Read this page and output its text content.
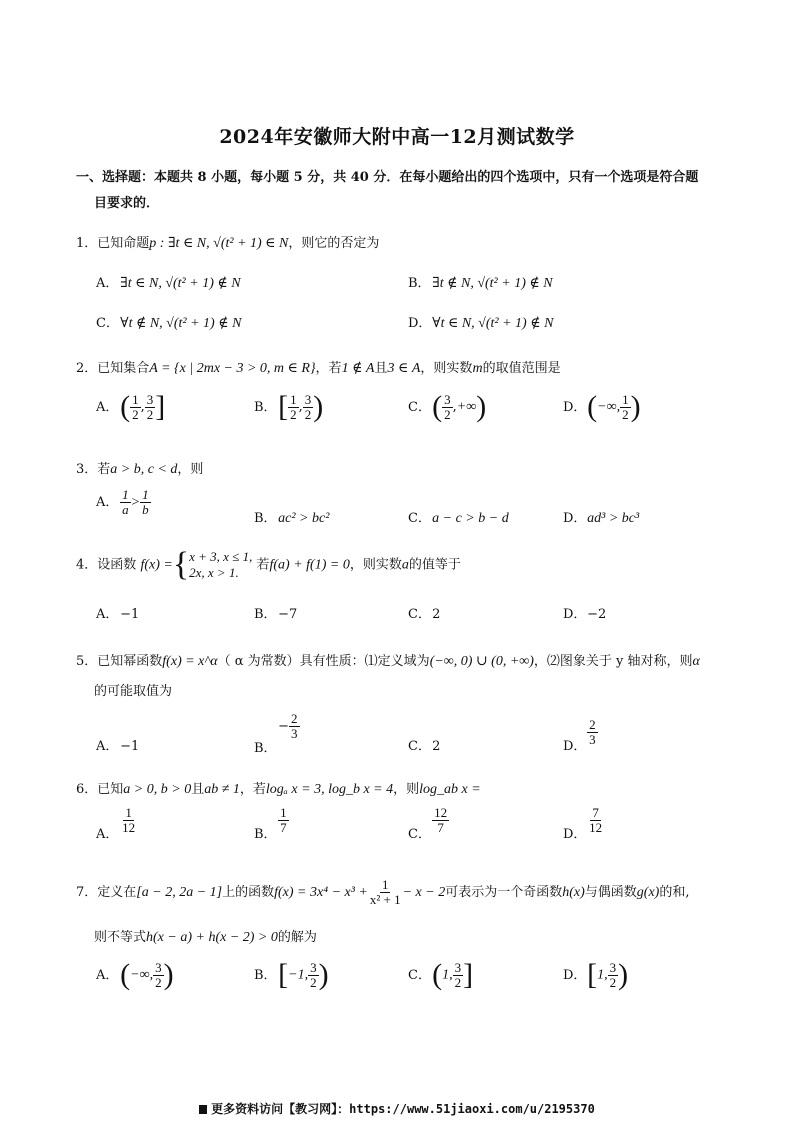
2024年安徽师大附中高一12月测试数学
一、选择题：本题共 8 小题，每小题 5 分，共 40 分．在每小题给出的四个选项中，只有一个选项是符合题
目要求的．
1．已知命题p : ∃t ∈ N, √(t² + 1) ∈ N，则它的否定为
A． ∃t ∈ N, √(t² + 1) ∉ N	B． ∃t ∉ N, √(t² + 1) ∉ N
C． ∀t ∉ N, √(t² + 1) ∉ N	D． ∀t ∈ N, √(t² + 1) ∉ N
2．已知集合A = {x | 2mx − 3 > 0, m ∈ R}，若1 ∉ A且3 ∈ A，则实数m的取值范围是
A． ( $\frac{1}{2}$ , $\frac{3}{2}$ ]	B． [ $\frac{1}{2}$ , $\frac{3}{2}$ )	C． ( $\frac{3}{2}$ ,+∞)	D． (−∞, $\frac{1}{2}$ )
3．若a > b, c < d，则
A． $\frac{1}{a} > \frac{1}{b}$
B． ac² > bc²	C． a − c > b − d	D． ad³ > bc³
4．设函数 f(x) ={ x + 3, x ≤ 1,
2x, x > 1.	若f(a) + f(1) = 0，则实数a的值等于
A． −1	B． −7	C． 2	D． −2
5．已知幂函数f(x) = x^α（ α 为常数）具有性质：⑴定义域为(−∞, 0) ∪ (0, +∞)，⑵图象关于 y 轴对称，则α
的可能取值为
A． −1	B． − $\frac{2}{3}$
C． 2	D． $\frac{2}{3}$
6．已知a > 0, b > 0且ab ≠ 1，若logₐ x = 3, log_b x = 4，则log_ab x =
A． $\frac{1}{12}$	B． $\frac{1}{7}$	C． $\frac{12}{7}$	D． $\frac{7}{12}$
7．定义在[a − 2, 2a − 1]上的函数$f(x) = 3x^4 - x^3 + \frac{1}{\text{x² + 1}} - x - 2$可表示为一个奇函数h(x)与偶函数g(x)的和,
则不等式h(x − a) + h(x − 2) > 0的解为
A． (−∞, $\frac{3}{2}$ )	B． [−1, $\frac{3}{2}$ )	C． (1, $\frac{3}{2}$ ]	D． [1, $\frac{3}{2}$ )
更多资料访问【教习网】：https://www.51jiaoxi.com/u/2195370
